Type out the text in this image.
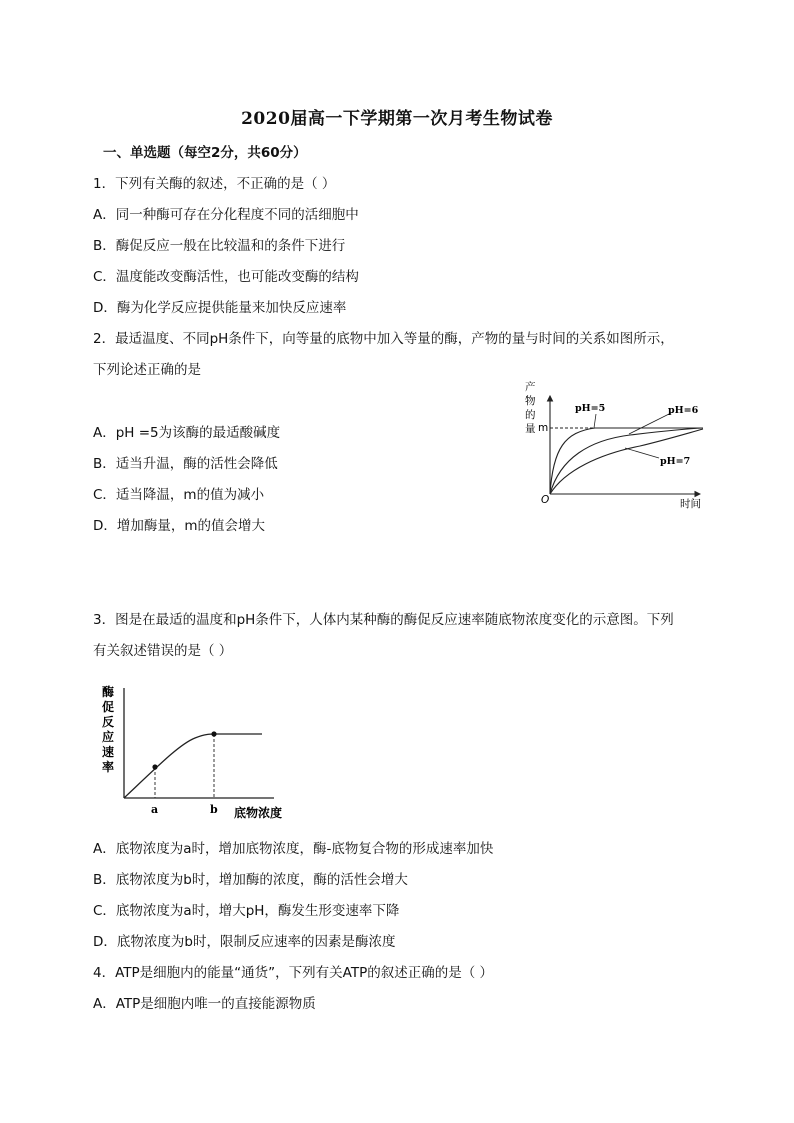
2020届高一下学期第一次月考生物试卷
一、单选题（每空2分，共60分）
1．下列有关酶的叙述，不正确的是（ ）
A．同一种酶可存在分化程度不同的活细胞中
B．酶促反应一般在比较温和的条件下进行
C．温度能改变酶活性，也可能改变酶的结构
D．酶为化学反应提供能量来加快反应速率
2．最适温度、不同pH条件下，向等量的底物中加入等量的酶，产物的量与时间的关系如图所示，
下列论述正确的是
A．pH =5为该酶的最适酸碱度
B．适当升温，酶的活性会降低
C．适当降温，m的值为减小
D．增加酶量，m的值会增大
产
物
的
量
O
m
pH=5	pH=6
pH=7
时间
3．图是在最适的温度和pH条件下，人体内某种酶的酶促反应速率随底物浓度变化的示意图。下列
有关叙述错误的是（ ）
酶
促
反
应
速
率
a	b 底物浓度
A．底物浓度为a时，增加底物浓度，酶-底物复合物的形成速率加快
B．底物浓度为b时，增加酶的浓度，酶的活性会增大
C．底物浓度为a时，增大pH，酶发生形变速率下降
D．底物浓度为b时，限制反应速率的因素是酶浓度
4．ATP是细胞内的能量“通货”，下列有关ATP的叙述正确的是（ ）
A．ATP是细胞内唯一的直接能源物质
